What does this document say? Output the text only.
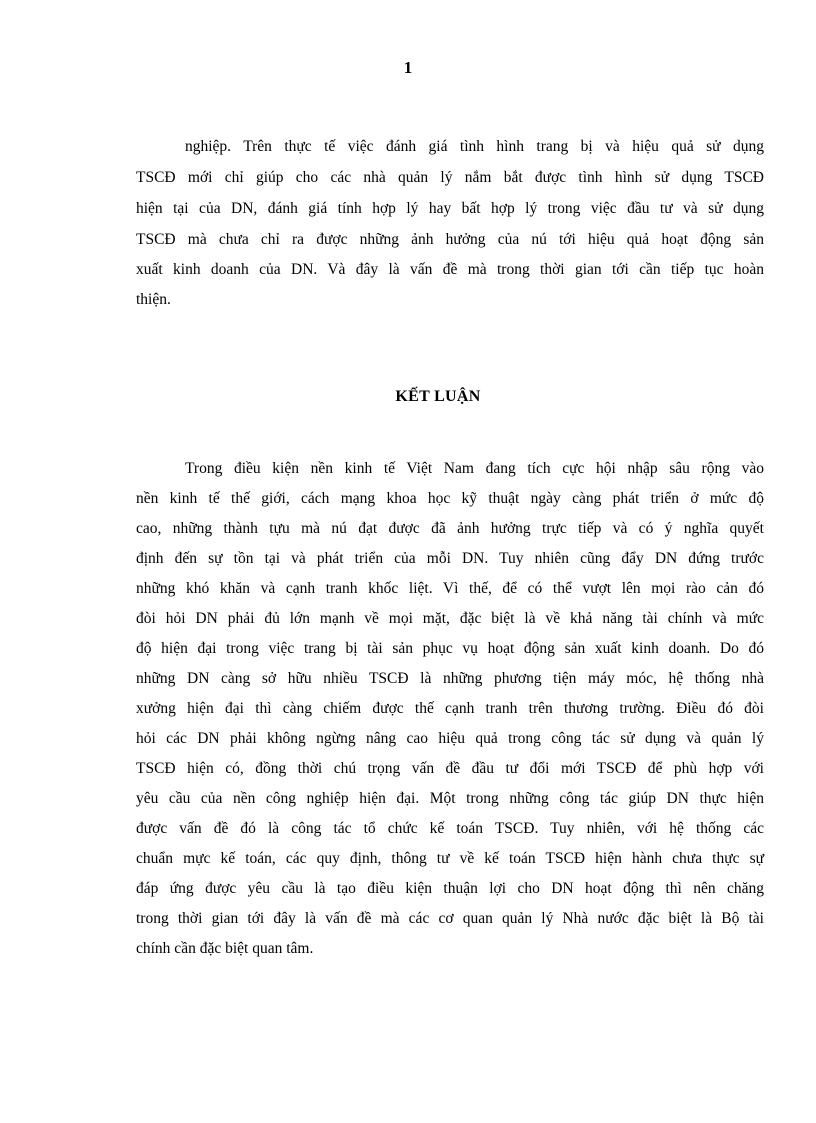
1
nghiệp. Trên thực tế việc đánh giá tình hình trang bị và hiệu quả sử dụng
TSCĐ mới chỉ giúp cho các nhà quản lý nắm bắt được tình hình sử dụng TSCĐ
hiện tại của DN, đánh giá tính hợp lý hay bất hợp lý trong việc đầu tư và sử dụng
TSCĐ mà chưa chỉ ra được những ảnh hưởng của nú tới hiệu quả hoạt động sản
xuất kinh doanh của DN. Và đây là vấn đề mà trong thời gian tới cần tiếp tục hoàn
thiện.
KẾT LUẬN
Trong điều kiện nền kinh tế Việt Nam đang tích cực hội nhập sâu rộng vào
nền kinh tế thế giới, cách mạng khoa học kỹ thuật ngày càng phát triển ở mức độ
cao, những thành tựu mà nú đạt được đã ảnh hưởng trực tiếp và có ý nghĩa quyết
định đến sự tồn tại và phát triển của mỗi DN. Tuy nhiên cũng đẩy DN đứng trước
những khó khăn và cạnh tranh khốc liệt. Vì thế, để có thể vượt lên mọi rào cản đó
đòi hỏi DN phải đủ lớn mạnh về mọi mặt, đặc biệt là về khả năng tài chính và mức
độ hiện đại trong việc trang bị tài sản phục vụ hoạt động sản xuất kinh doanh. Do đó
những DN càng sở hữu nhiều TSCĐ là những phương tiện máy móc, hệ thống nhà
xưởng hiện đại thì càng chiếm được thế cạnh tranh trên thương trường. Điều đó đòi
hỏi các DN phải không ngừng nâng cao hiệu quả trong công tác sử dụng và quản lý
TSCĐ hiện có, đồng thời chú trọng vấn đề đầu tư đổi mới TSCĐ để phù hợp với
yêu cầu của nền công nghiệp hiện đại. Một trong những công tác giúp DN thực hiện
được vấn đề đó là công tác tổ chức kế toán TSCĐ. Tuy nhiên, với hệ thống các
chuẩn mực kế toán, các quy định, thông tư về kế toán TSCĐ hiện hành chưa thực sự
đáp ứng được yêu cầu là tạo điều kiện thuận lợi cho DN hoạt động thì nên chăng
trong thời gian tới đây là vấn đề mà các cơ quan quản lý Nhà nước đặc biệt là Bộ tài
chính cần đặc biệt quan tâm.
